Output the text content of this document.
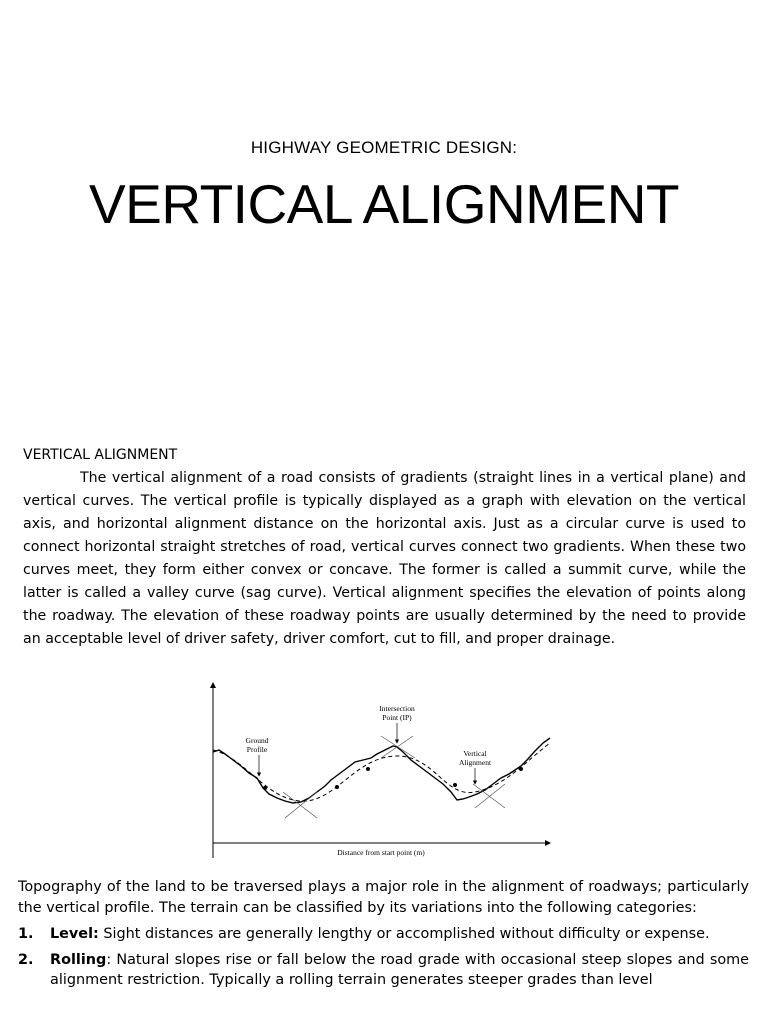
HIGHWAY GEOMETRIC DESIGN:
VERTICAL ALIGNMENT

VERTICAL ALIGNMENT

The vertical alignment of a road consists of gradients (straight lines in a vertical plane) and vertical curves. The vertical profile is typically displayed as a graph with elevation on the vertical axis, and horizontal alignment distance on the horizontal axis. Just as a circular curve is used to connect horizontal straight stretches of road, vertical curves connect two gradients. When these two curves meet, they form either convex or concave. The former is called a summit curve, while the latter is called a valley curve (sag curve). Vertical alignment specifies the elevation of points along the roadway. The elevation of these roadway points are usually determined by the need to provide an acceptable level of driver safety, driver comfort, cut to fill, and proper drainage.

Ground
Profile
Intersection
Point (IP)
Vertical
Alignment
Distance from start point (m)

Topography of the land to be traversed plays a major role in the alignment of roadways; particularly the vertical profile. The terrain can be classified by its variations into the following categories:

1. Level: Sight distances are generally lengthy or accomplished without difficulty or expense.
2. Rolling: Natural slopes rise or fall below the road grade with occasional steep slopes and some alignment restriction. Typically a rolling terrain generates steeper grades than level
